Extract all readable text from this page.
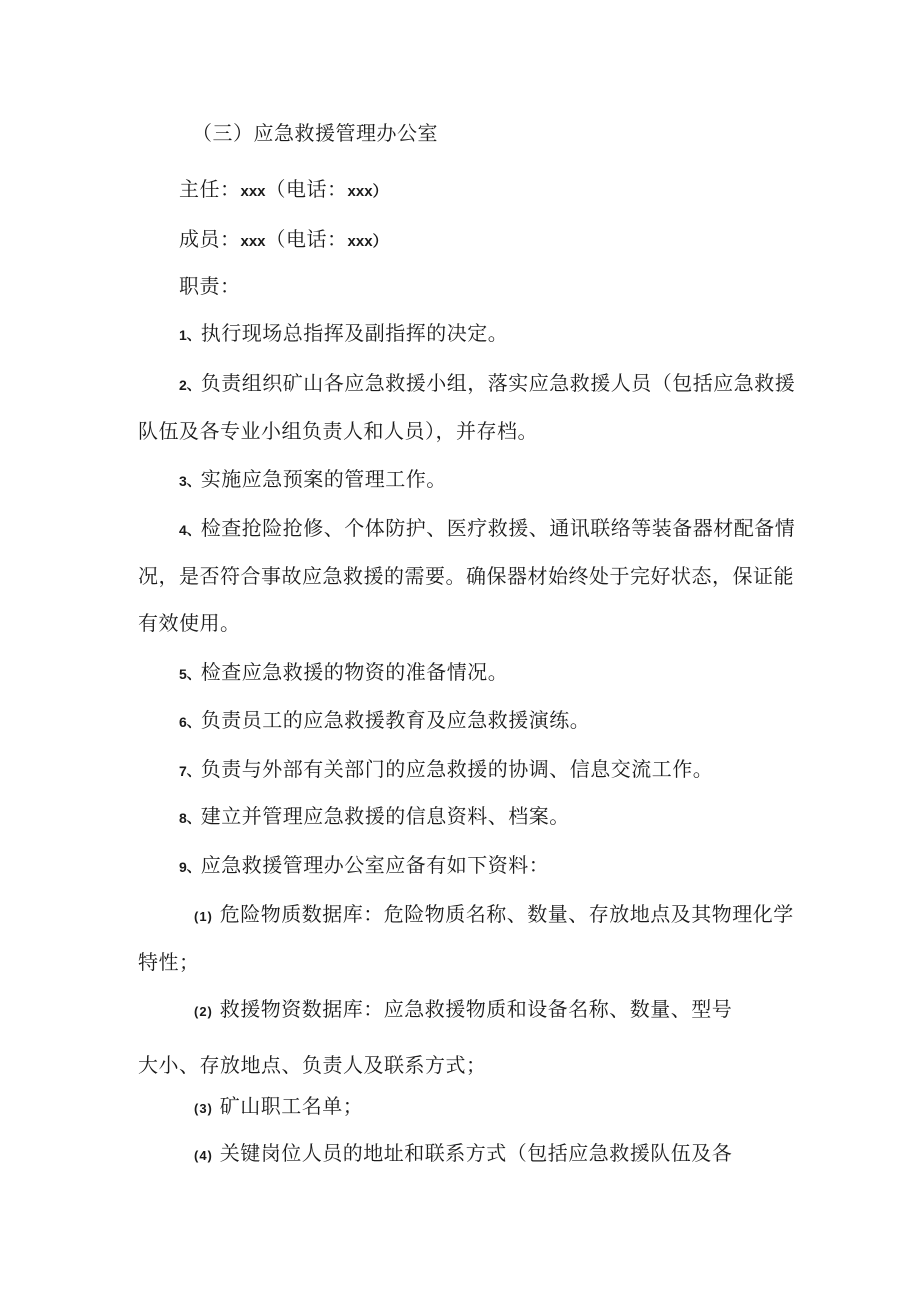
（三）应急救援管理办公室
主任：xxx（电话：xxx）
成员：xxx（电话：xxx）
职责：
1、执行现场总指挥及副指挥的决定。
2、负责组织矿山各应急救援小组，落实应急救援人员（包括应急救援
队伍及各专业小组负责人和人员），并存档。
3、实施应急预案的管理工作。
4、检查抢险抢修、个体防护、医疗救援、通讯联络等装备器材配备情
况，是否符合事故应急救援的需要。确保器材始终处于完好状态，保证能
有效使用。
5、检查应急救援的物资的准备情况。
6、负责员工的应急救援教育及应急救援演练。
7、负责与外部有关部门的应急救援的协调、信息交流工作。
8、建立并管理应急救援的信息资料、档案。
9、应急救援管理办公室应备有如下资料：
(1) 危险物质数据库：危险物质名称、数量、存放地点及其物理化学
特性；
(2) 救援物资数据库：应急救援物质和设备名称、数量、型号
大小、存放地点、负责人及联系方式；
(3) 矿山职工名单；
(4) 关键岗位人员的地址和联系方式（包括应急救援队伍及各
